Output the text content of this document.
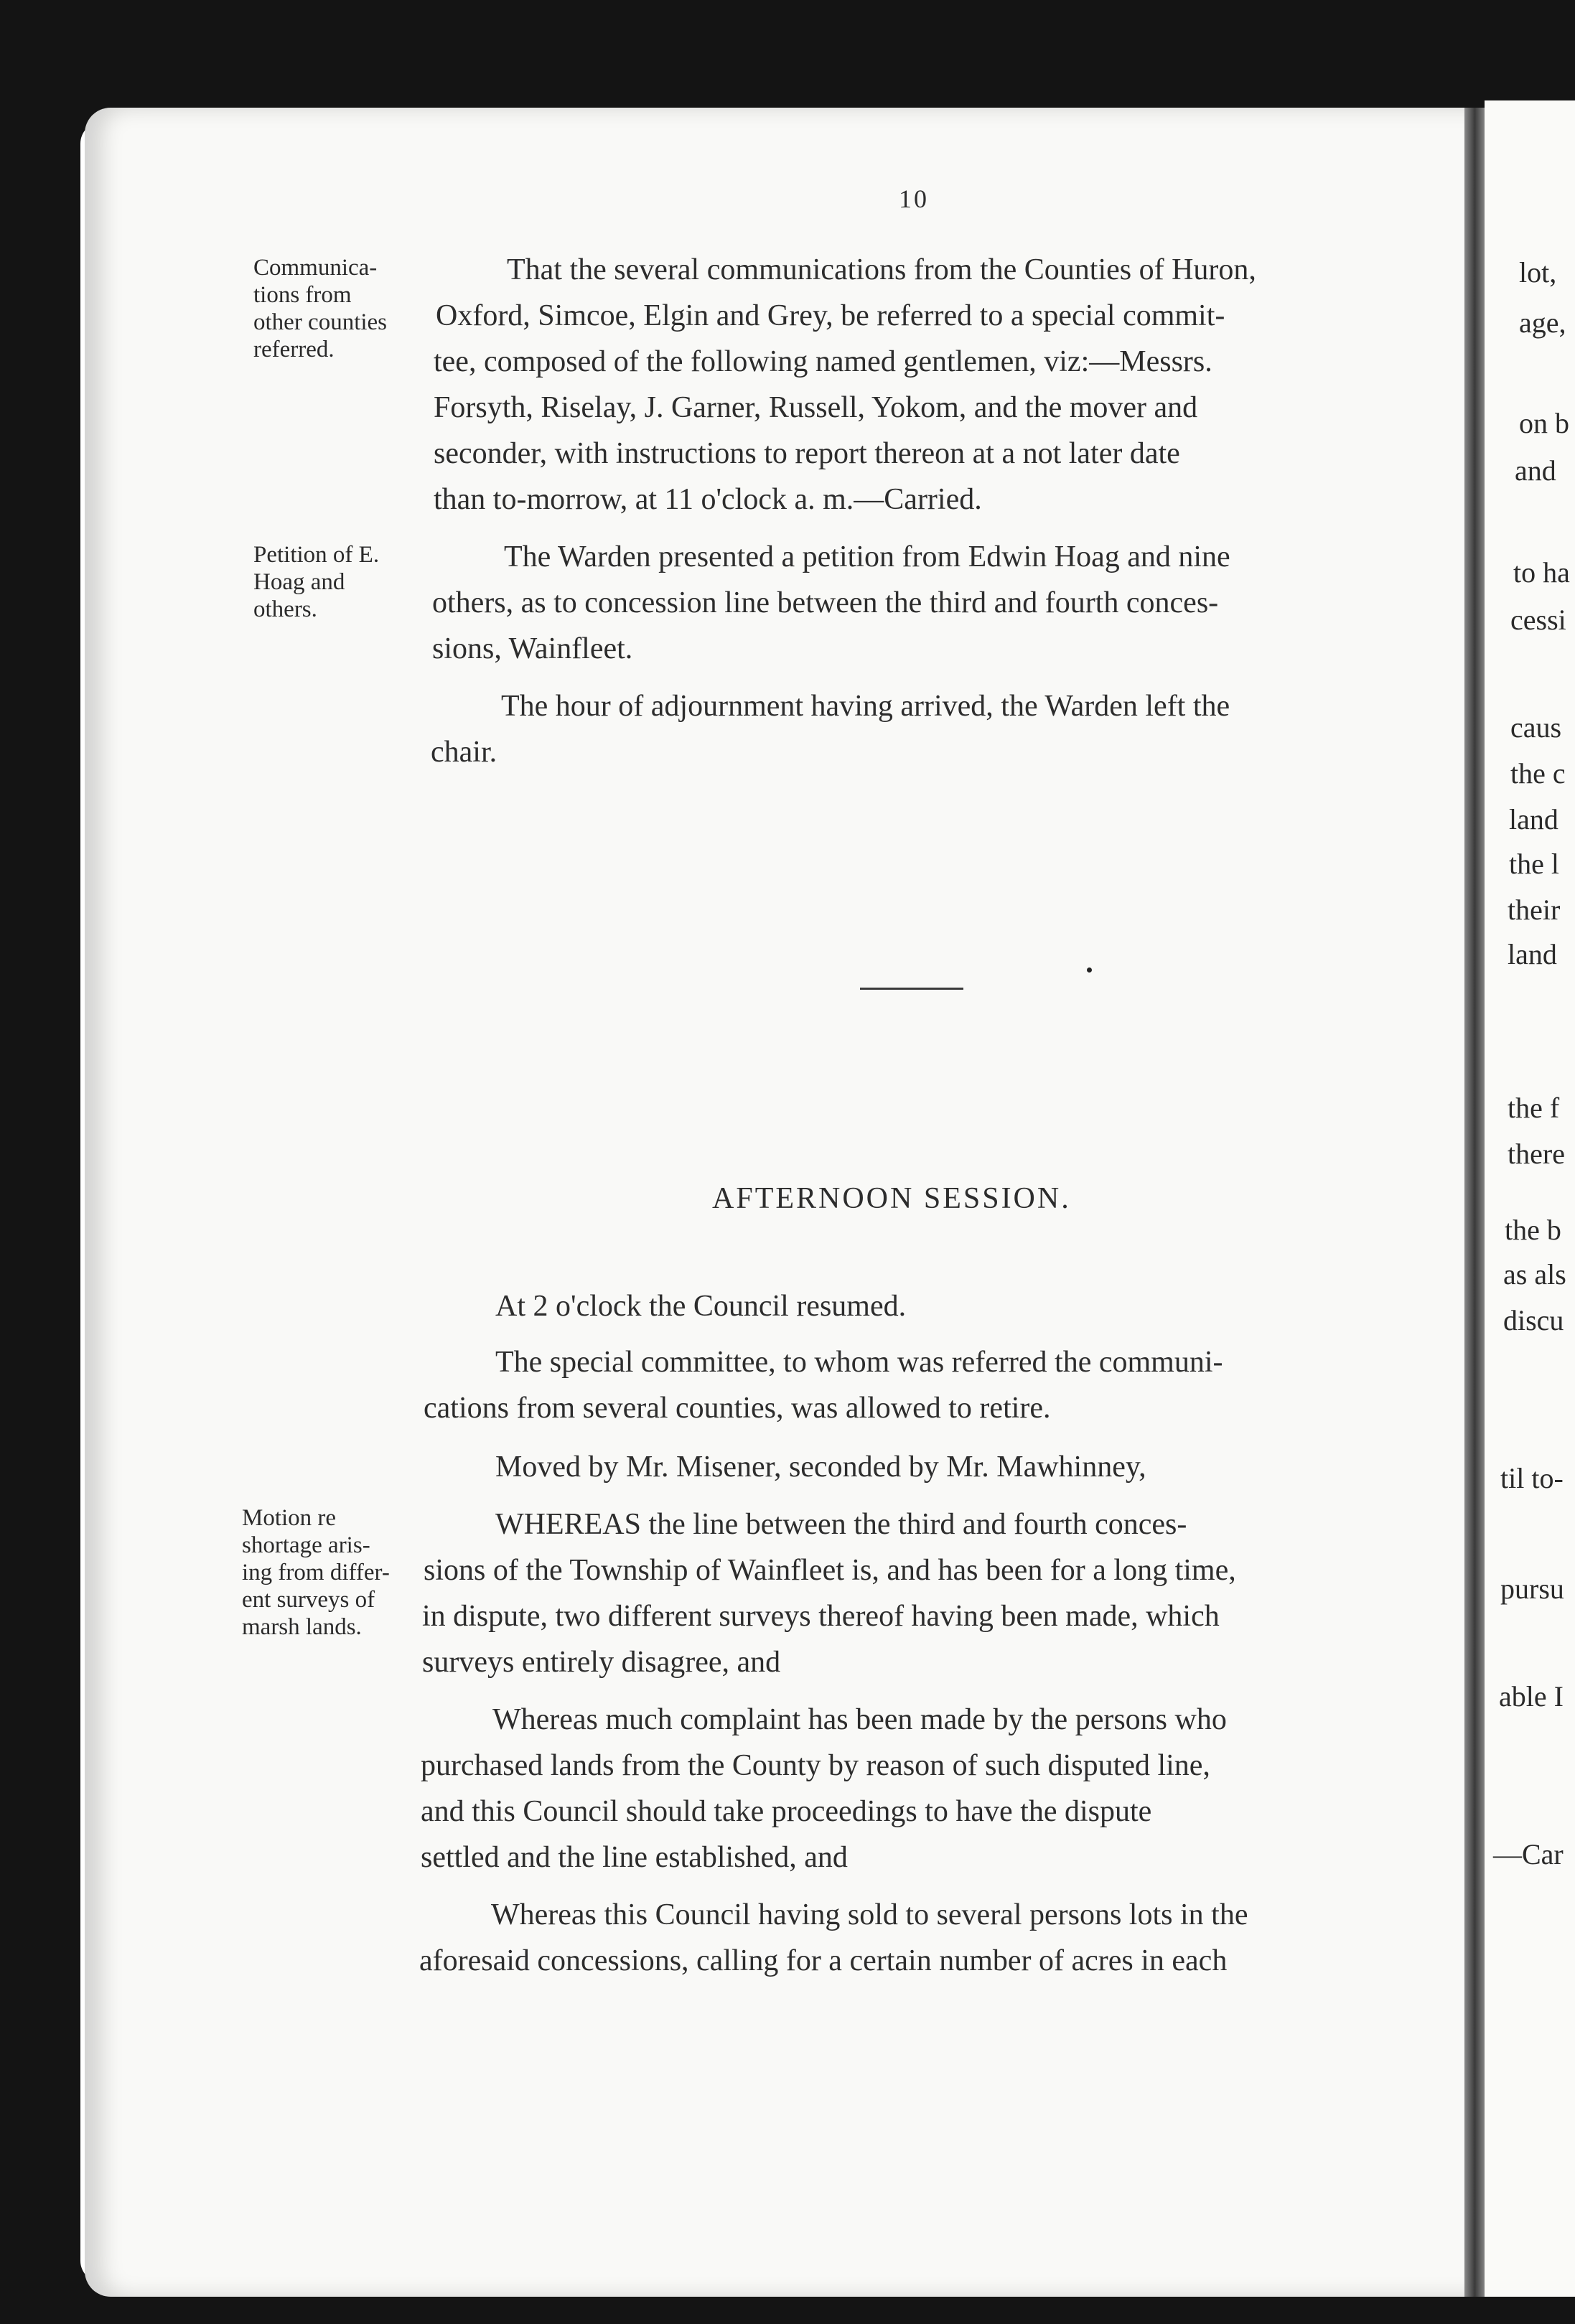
10
Communica-
tions from
other counties
referred.
Petition of E.
Hoag and
others.
Motion re
shortage aris-
ing from differ-
ent surveys of
marsh lands.
That the several communications from the Counties of Huron,
Oxford, Simcoe, Elgin and Grey, be referred to a special commit-
tee, composed of the following named gentlemen, viz:—Messrs.
Forsyth, Riselay, J. Garner, Russell, Yokom, and the mover and
seconder, with instructions to report thereon at a not later date
than to-morrow, at 11 o'clock a. m.—Carried.
The Warden presented a petition from Edwin Hoag and nine
others, as to concession line between the third and fourth conces-
sions, Wainfleet.
The hour of adjournment having arrived, the Warden left the
chair.
AFTERNOON SESSION.
At 2 o'clock the Council resumed.
The special committee, to whom was referred the communi-
cations from several counties, was allowed to retire.
Moved by Mr. Misener, seconded by Mr. Mawhinney,
WHEREAS the line between the third and fourth conces-
sions of the Township of Wainfleet is, and has been for a long time,
in dispute, two different surveys thereof having been made, which
surveys entirely disagree, and
Whereas much complaint has been made by the persons who
purchased lands from the County by reason of such disputed line,
and this Council should take proceedings to have the dispute
settled and the line established, and
Whereas this Council having sold to several persons lots in the
aforesaid concessions, calling for a certain number of acres in each
lot,
age,
on b
and
to ha
cessi
caus
the c
land
the l
their
land
the f
there
the b
as als
discu
til to-
pursu
able I
—Car
